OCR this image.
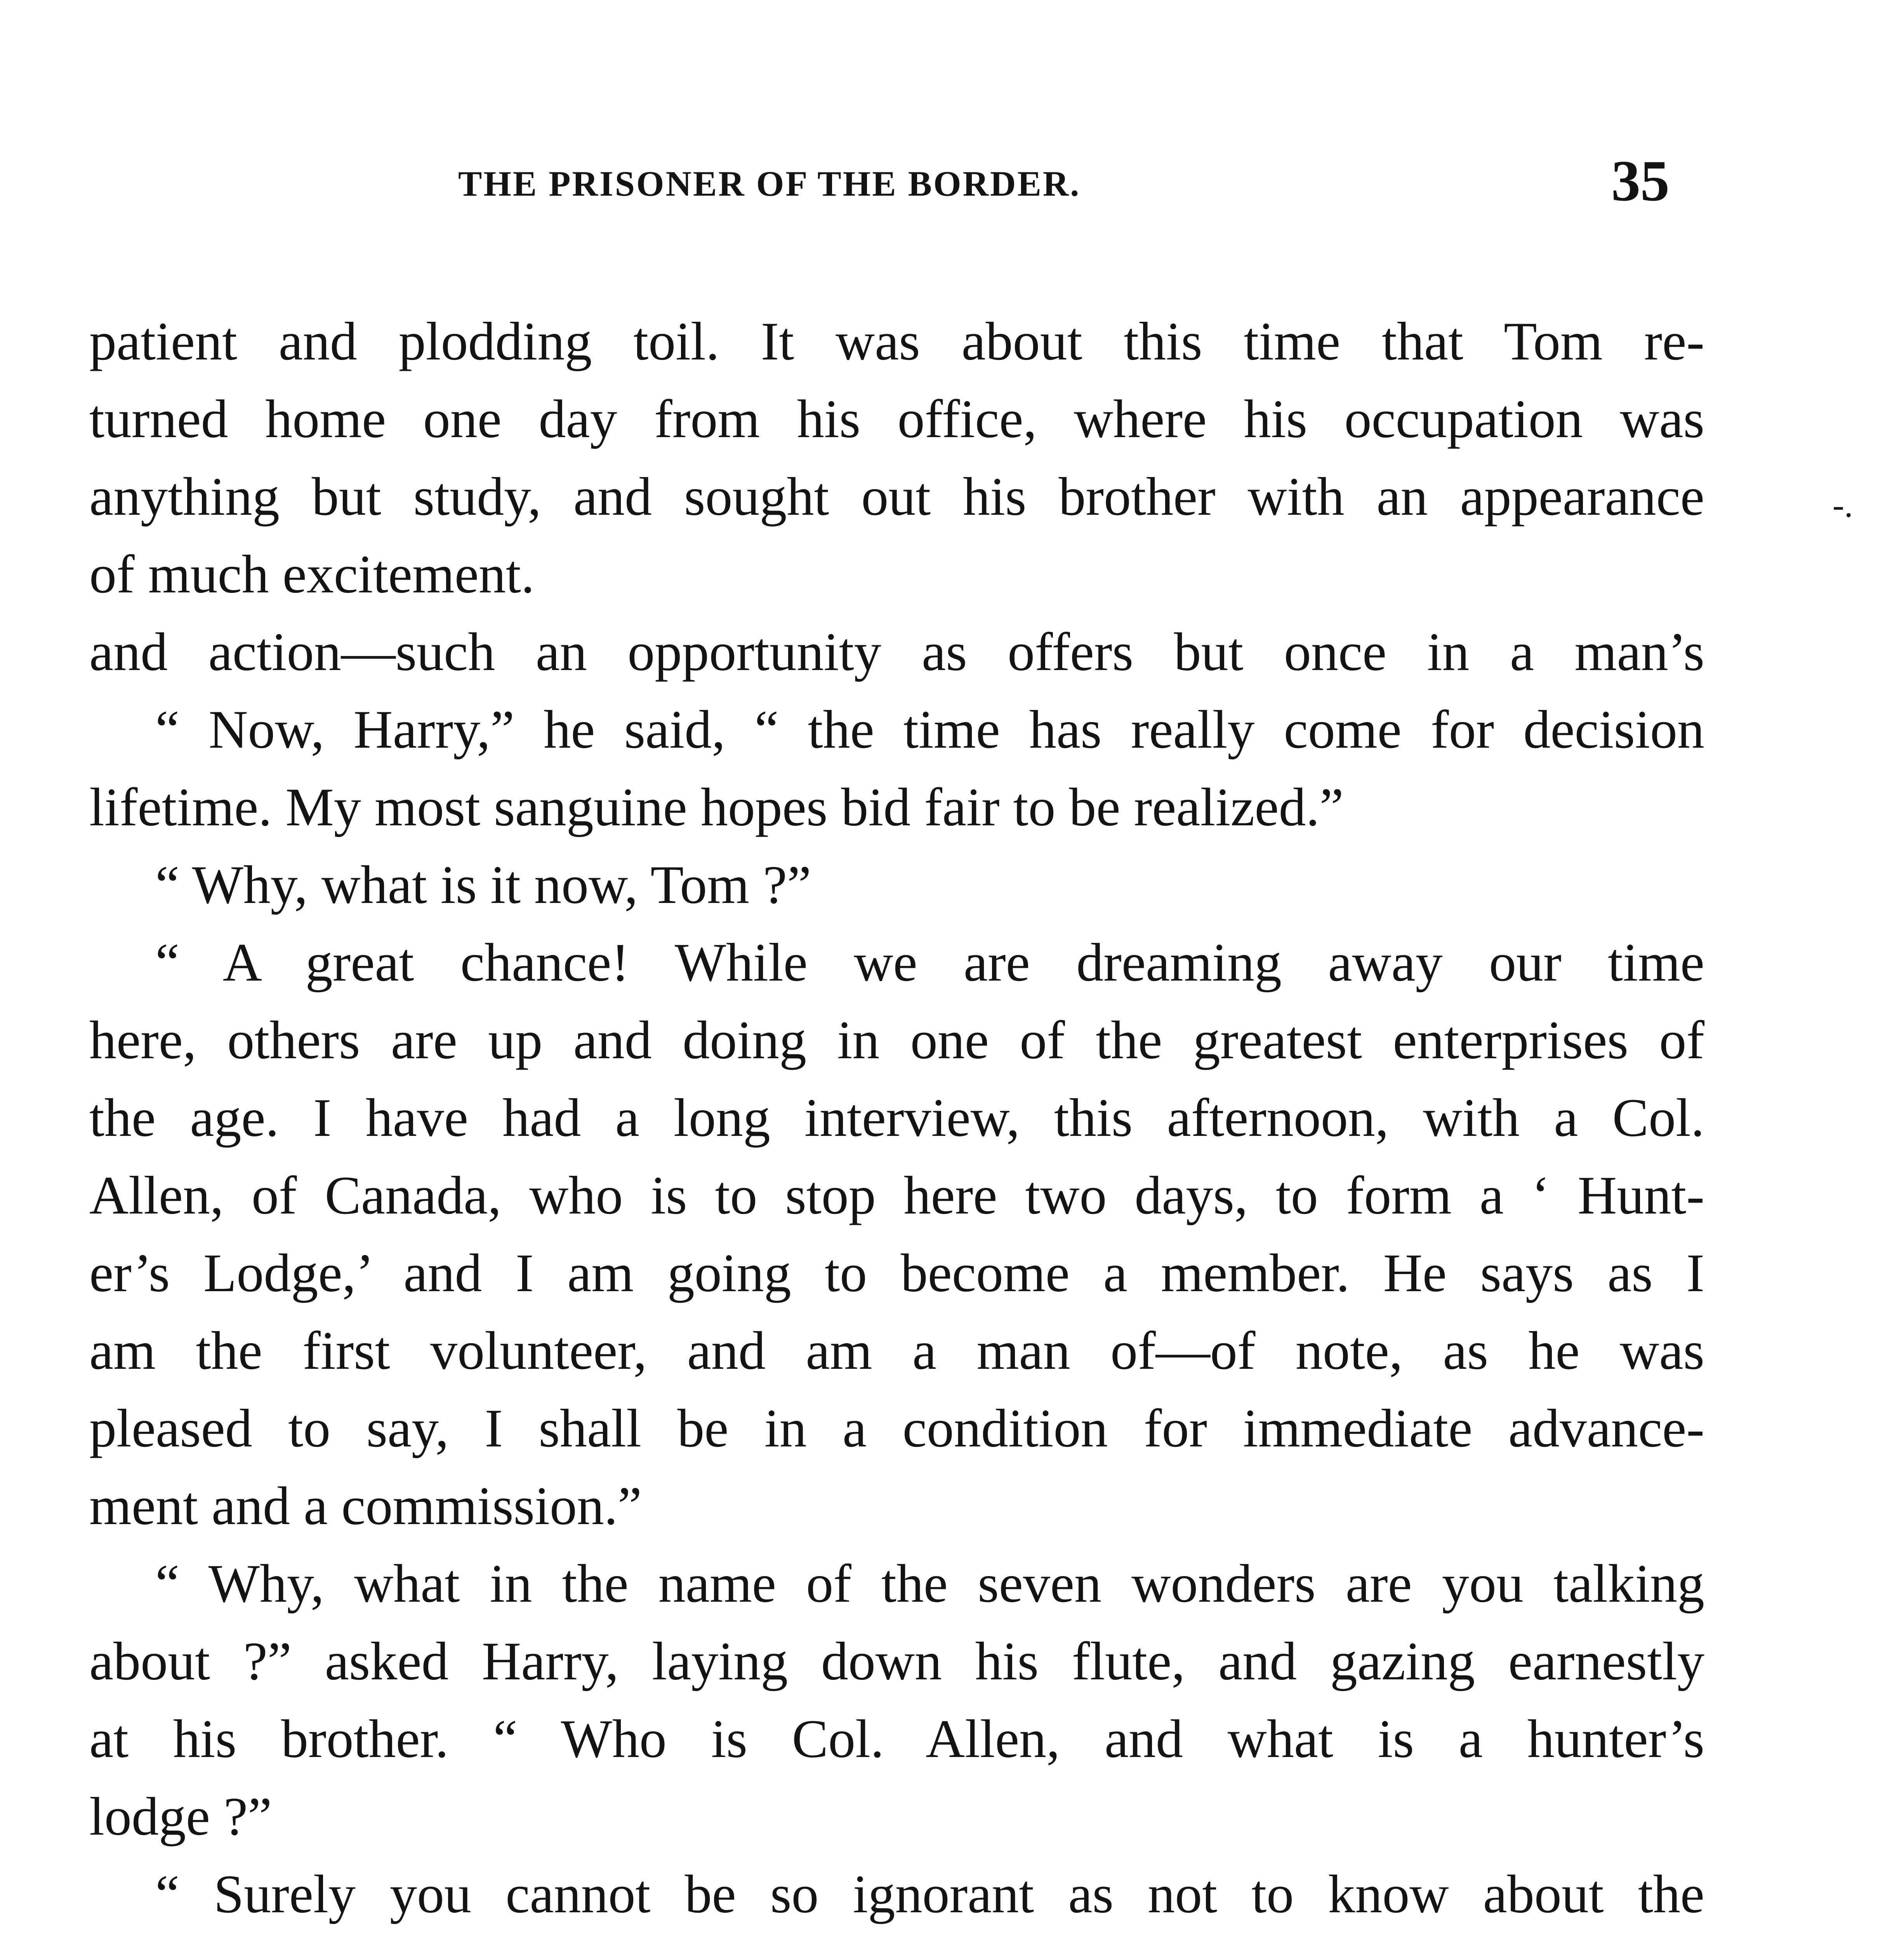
THE PRISONER OF THE BORDER.	35
-.
patient and plodding toil. It was about this time that Tom re-
turned home one day from his office, where his occupation was
anything but study, and sought out his brother with an appearance
of much excitement.
and action—such an opportunity as offers but once in a man’s
“ Now, Harry,” he said, “ the time has really come for decision
lifetime. My most sanguine hopes bid fair to be realized.”
“ Why, what is it now, Tom ?”
“ A great chance! While we are dreaming away our time
here, others are up and doing in one of the greatest enterprises of
the age. I have had a long interview, this afternoon, with a Col.
Allen, of Canada, who is to stop here two days, to form a ‘ Hunt-
er’s Lodge,’ and I am going to become a member. He says as I
am the first volunteer, and am a man of—of note, as he was
pleased to say, I shall be in a condition for immediate advance-
ment and a commission.”
“ Why, what in the name of the seven wonders are you talking
about ?” asked Harry, laying down his flute, and gazing earnestly
at his brother. “ Who is Col. Allen, and what is a hunter’s
lodge ?”
“ Surely you cannot be so ignorant as not to know about the
